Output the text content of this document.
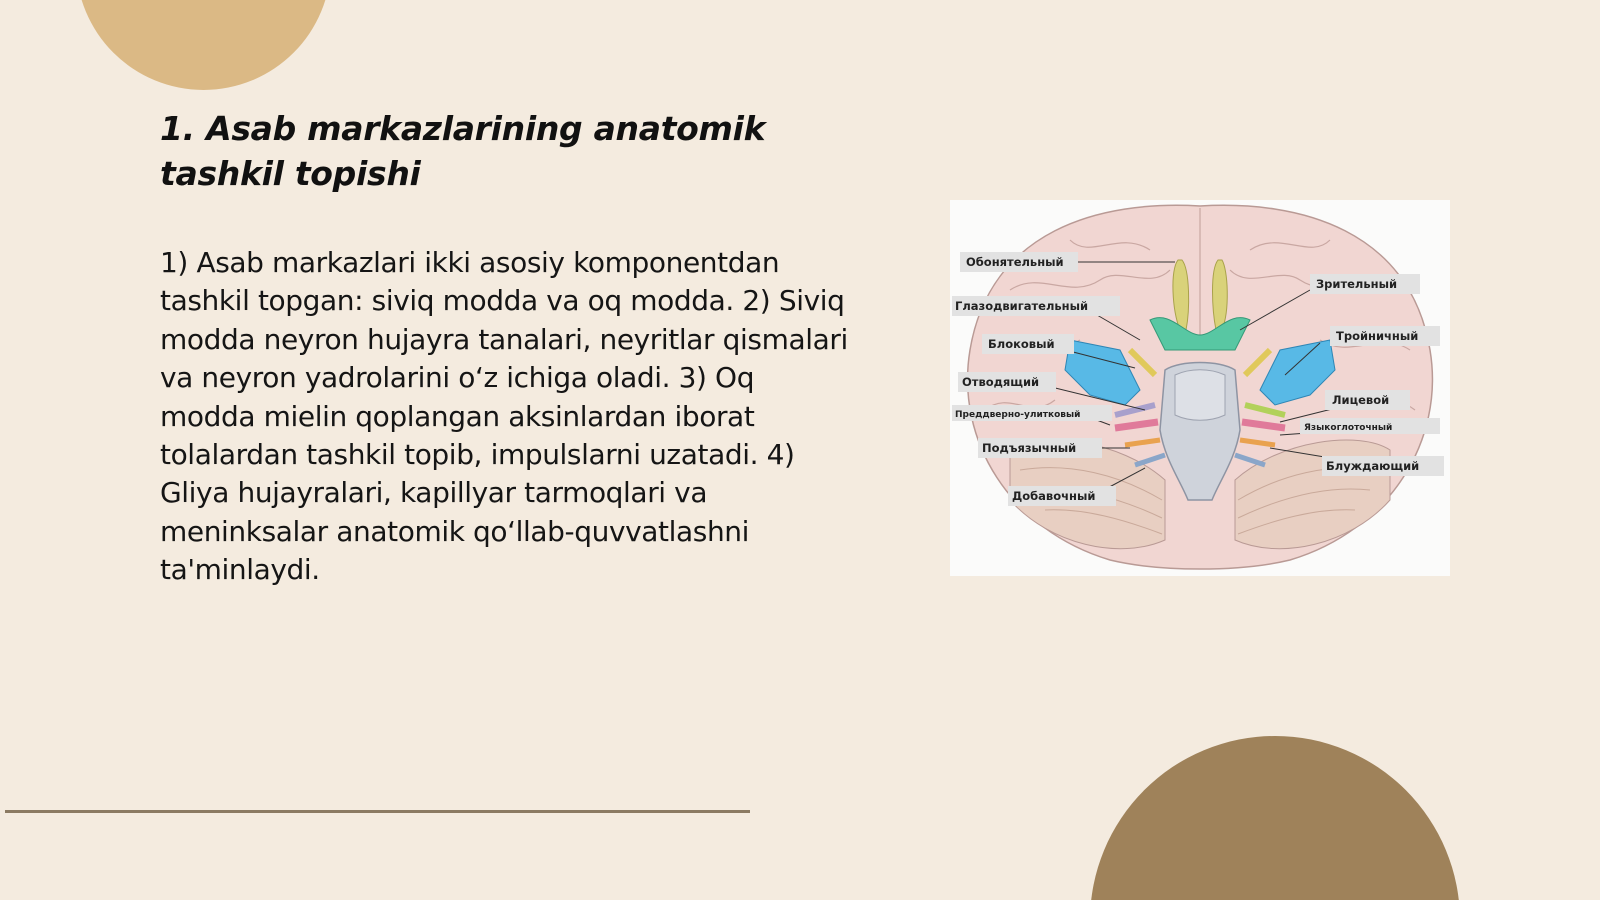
1. Asab markazlarining anatomik tashkil topishi

1) Asab markazlari ikki asosiy komponentdan tashkil topgan: siviq modda va oq modda. 2) Siviq modda neyron hujayra tanalari, neyritlar qismalari va neyron yadrolarini o‘z ichiga oladi. 3) Oq modda mielin qoplangan aksinlardan iborat tolalardan tashkil topib, impulslarni uzatadi. 4) Gliya hujayralari, kapillyar tarmoqlari va meninksalar anatomik qo‘llab-quvvatlashni ta'minlaydi.

Обонятельный
Глазодвигательный
Блоковый
Отводящий
Преддверно-улитковый
Подъязычный
Добавочный
Зрительный
Тройничный
Лицевой
Языкоглоточный
Блуждающий
